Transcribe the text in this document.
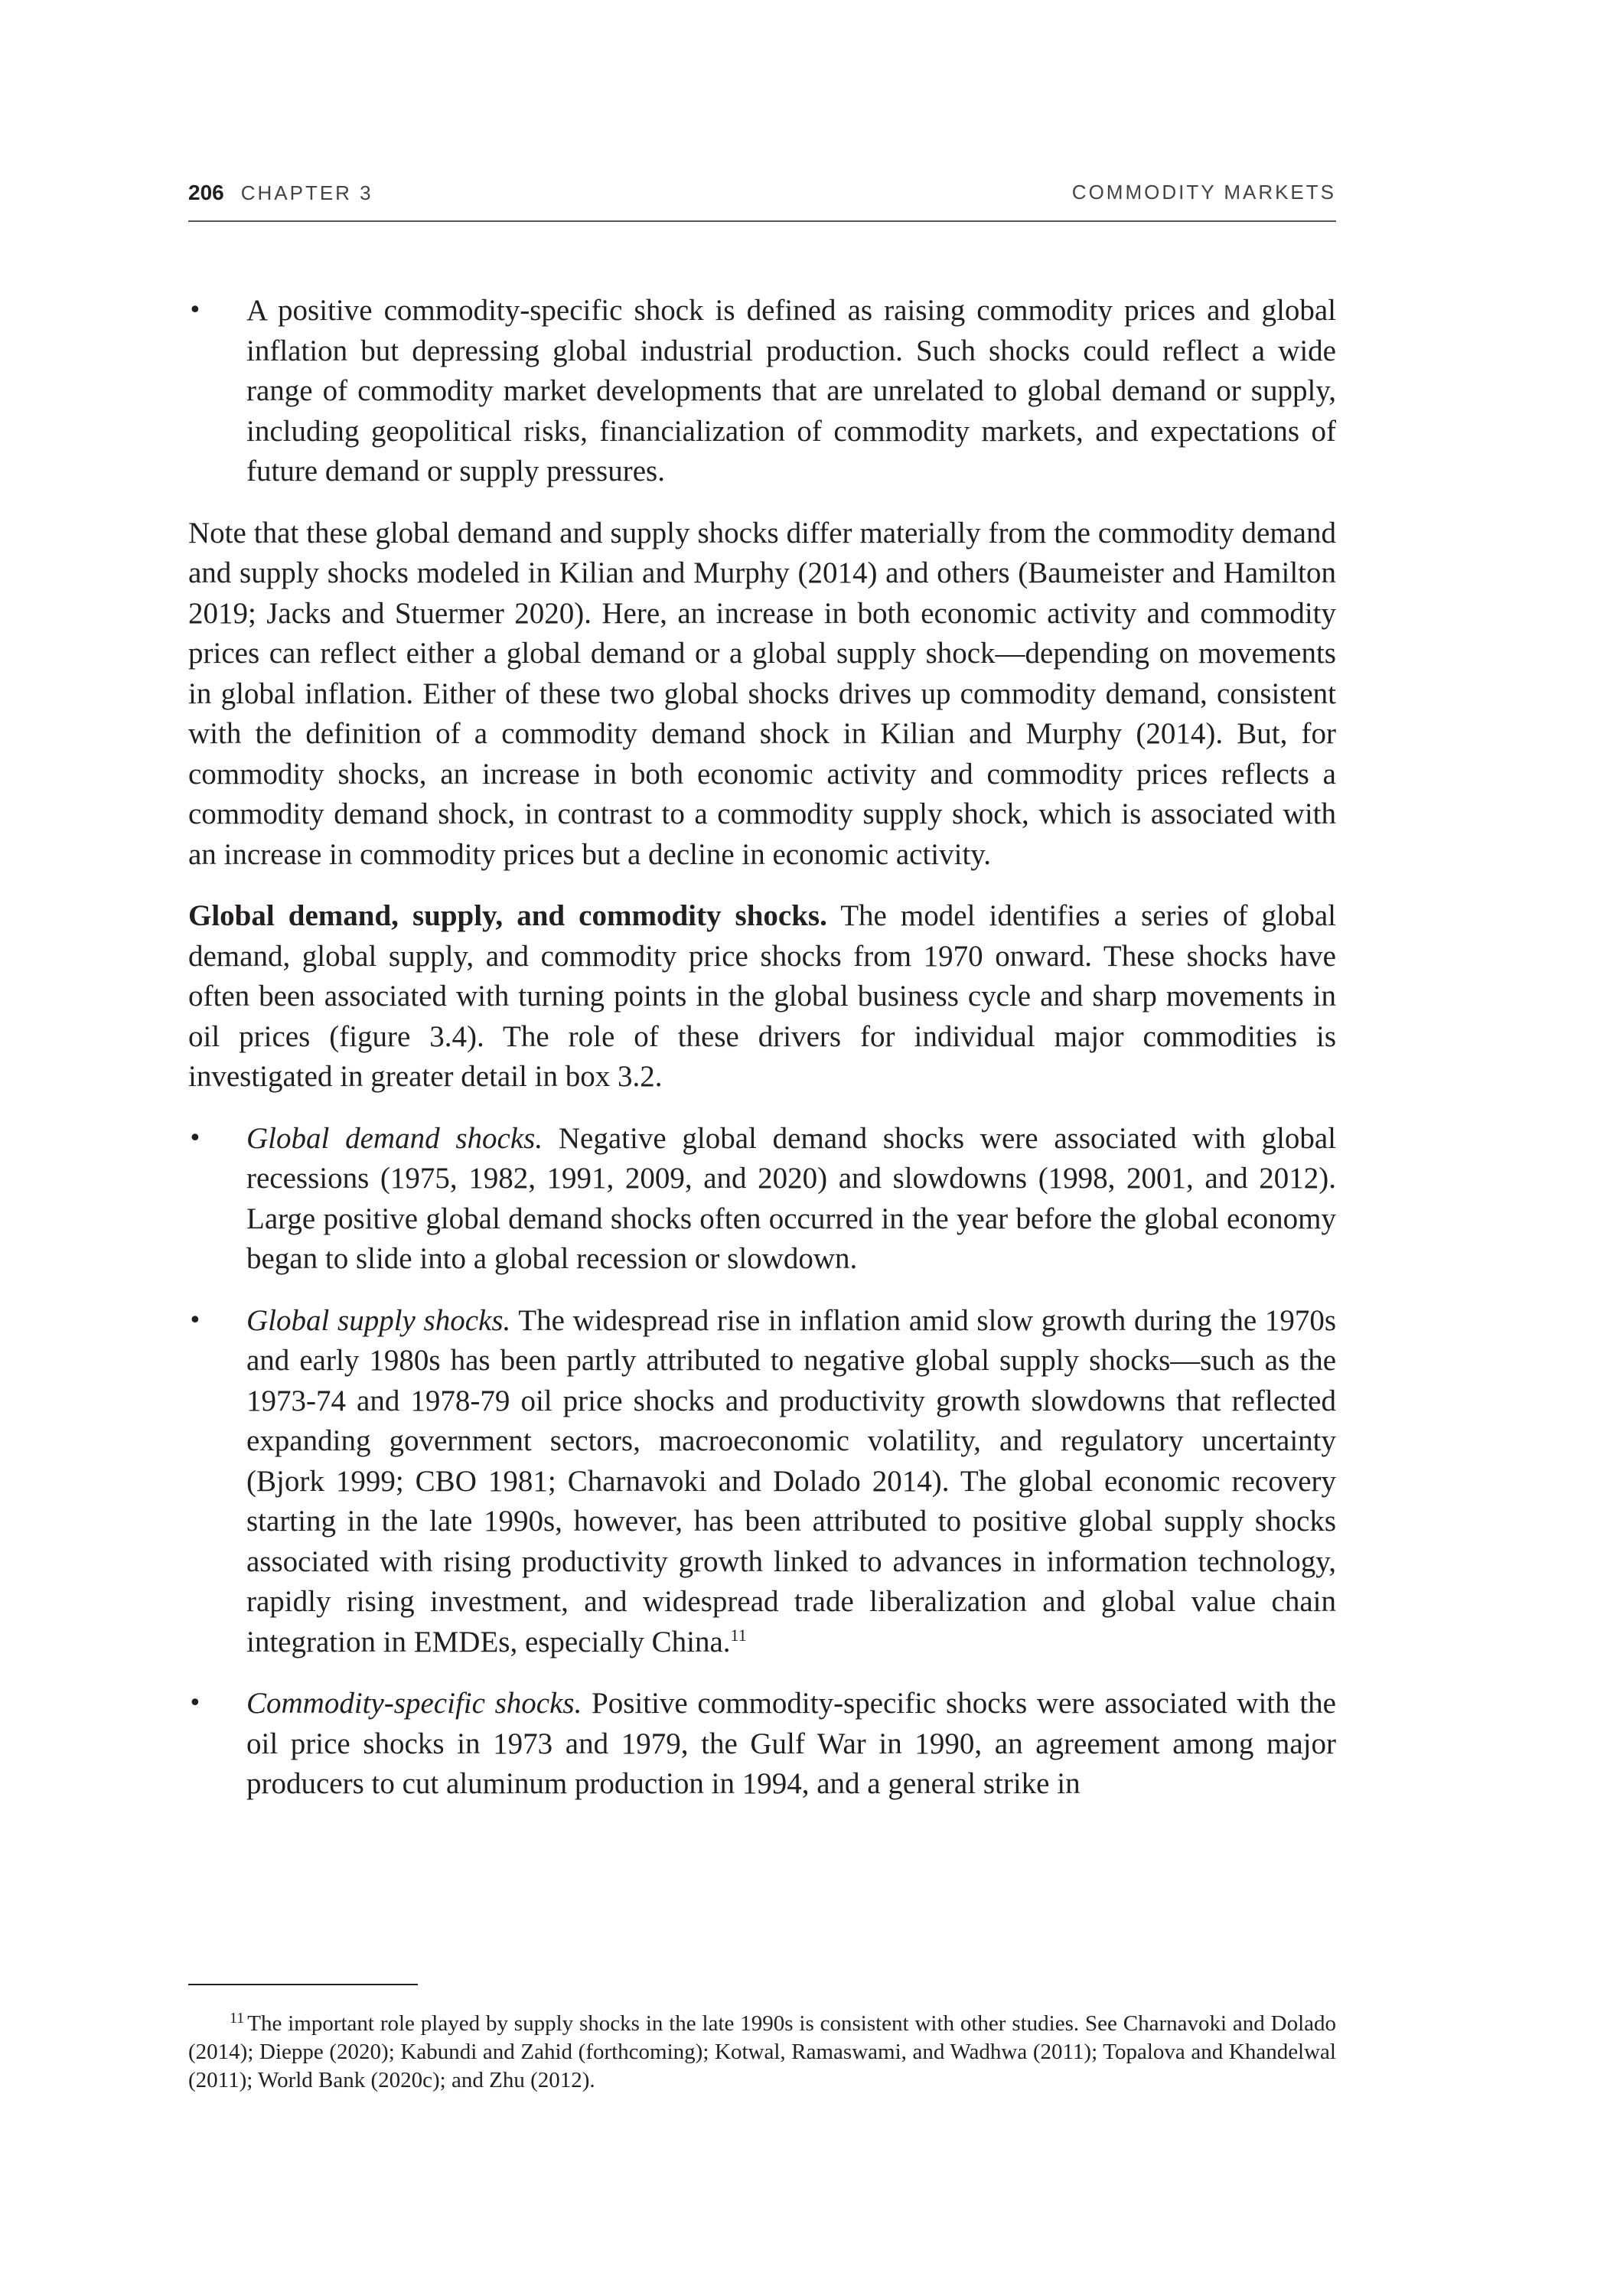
206 CHAPTER 3	COMMODITY MARKETS
•	A positive commodity-specific shock is defined as raising commodity prices and global inflation but depressing global industrial production. Such shocks could reflect a wide range of commodity market developments that are unrelated to global demand or supply, including geopolitical risks, financialization of commodity markets, and expectations of future demand or supply pressures.

Note that these global demand and supply shocks differ materially from the commodity demand and supply shocks modeled in Kilian and Murphy (2014) and others (Baumeister and Hamilton 2019; Jacks and Stuermer 2020). Here, an increase in both economic activity and commodity prices can reflect either a global demand or a global supply shock—depending on movements in global inflation. Either of these two global shocks drives up commodity demand, consistent with the definition of a commodity demand shock in Kilian and Murphy (2014). But, for commodity shocks, an increase in both economic activity and commodity prices reflects a commodity demand shock, in contrast to a commodity supply shock, which is associated with an increase in commodity prices but a decline in economic activity.

Global demand, supply, and commodity shocks. The model identifies a series of global demand, global supply, and commodity price shocks from 1970 onward. These shocks have often been associated with turning points in the global business cycle and sharp movements in oil prices (figure 3.4). The role of these drivers for individual major commodities is investigated in greater detail in box 3.2.

•	Global demand shocks. Negative global demand shocks were associated with global recessions (1975, 1982, 1991, 2009, and 2020) and slowdowns (1998, 2001, and 2012). Large positive global demand shocks often occurred in the year before the global economy began to slide into a global recession or slowdown.
•	Global supply shocks. The widespread rise in inflation amid slow growth during the 1970s and early 1980s has been partly attributed to negative global supply shocks—such as the 1973-74 and 1978-79 oil price shocks and productivity growth slowdowns that reflected expanding government sectors, macroeconomic volatility, and regulatory uncertainty (Bjork 1999; CBO 1981; Charnavoki and Dolado 2014). The global economic recovery starting in the late 1990s, however, has been attributed to positive global supply shocks associated with rising productivity growth linked to advances in information technology, rapidly rising investment, and widespread trade liberalization and global value chain integration in EMDEs, especially China.$^{11}$
•	Commodity-specific shocks. Positive commodity-specific shocks were associated with the oil price shocks in 1973 and 1979, the Gulf War in 1990, an agreement among major producers to cut aluminum production in 1994, and a general strike in
$^{11}$ The important role played by supply shocks in the late 1990s is consistent with other studies. See Charnavoki and Dolado (2014); Dieppe (2020); Kabundi and Zahid (forthcoming); Kotwal, Ramaswami, and Wadhwa (2011); Topalova and Khandelwal (2011); World Bank (2020c); and Zhu (2012).
